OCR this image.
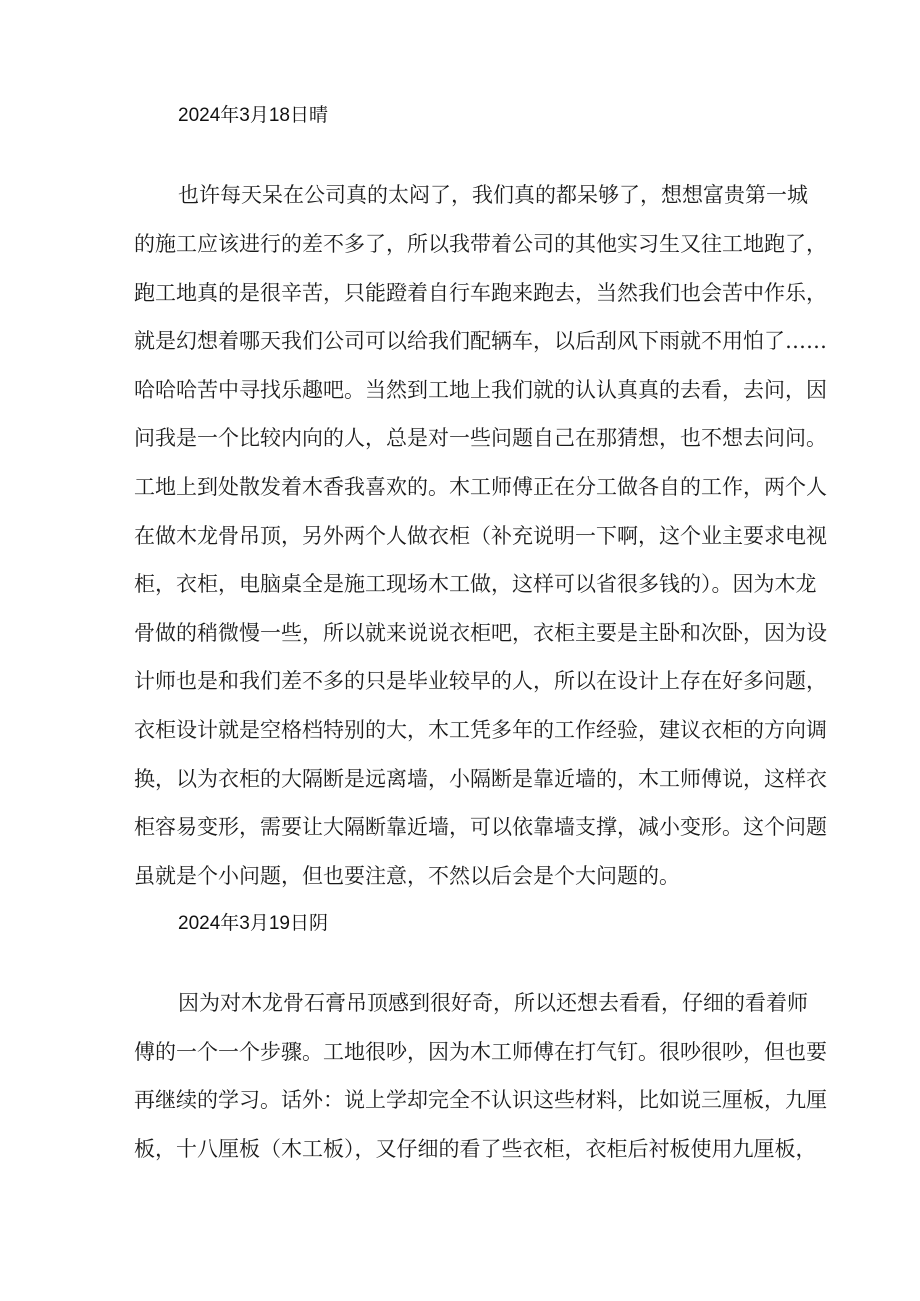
2024年3月18日晴

也许每天呆在公司真的太闷了，我们真的都呆够了，想想富贵第一城

的施工应该进行的差不多了，所以我带着公司的其他实习生又往工地跑了，

跑工地真的是很辛苦，只能蹬着自行车跑来跑去，当然我们也会苦中作乐，

就是幻想着哪天我们公司可以给我们配辆车，以后刮风下雨就不用怕了……

哈哈哈苦中寻找乐趣吧。当然到工地上我们就的认认真真的去看，去问，因

问我是一个比较内向的人，总是对一些问题自己在那猜想，也不想去问问。

工地上到处散发着木香我喜欢的。木工师傅正在分工做各自的工作，两个人

在做木龙骨吊顶，另外两个人做衣柜（补充说明一下啊，这个业主要求电视

柜，衣柜，电脑桌全是施工现场木工做，这样可以省很多钱的）。因为木龙

骨做的稍微慢一些，所以就来说说衣柜吧，衣柜主要是主卧和次卧，因为设

计师也是和我们差不多的只是毕业较早的人，所以在设计上存在好多问题，

衣柜设计就是空格档特别的大，木工凭多年的工作经验，建议衣柜的方向调

换，以为衣柜的大隔断是远离墙，小隔断是靠近墙的，木工师傅说，这样衣

柜容易变形，需要让大隔断靠近墙，可以依靠墙支撑，减小变形。这个问题

虽就是个小问题，但也要注意，不然以后会是个大问题的。

2024年3月19日阴

因为对木龙骨石膏吊顶感到很好奇，所以还想去看看，仔细的看着师

傅的一个一个步骤。工地很吵，因为木工师傅在打气钉。很吵很吵，但也要

再继续的学习。话外：说上学却完全不认识这些材料，比如说三厘板，九厘

板，十八厘板（木工板），又仔细的看了些衣柜，衣柜后衬板使用九厘板，
